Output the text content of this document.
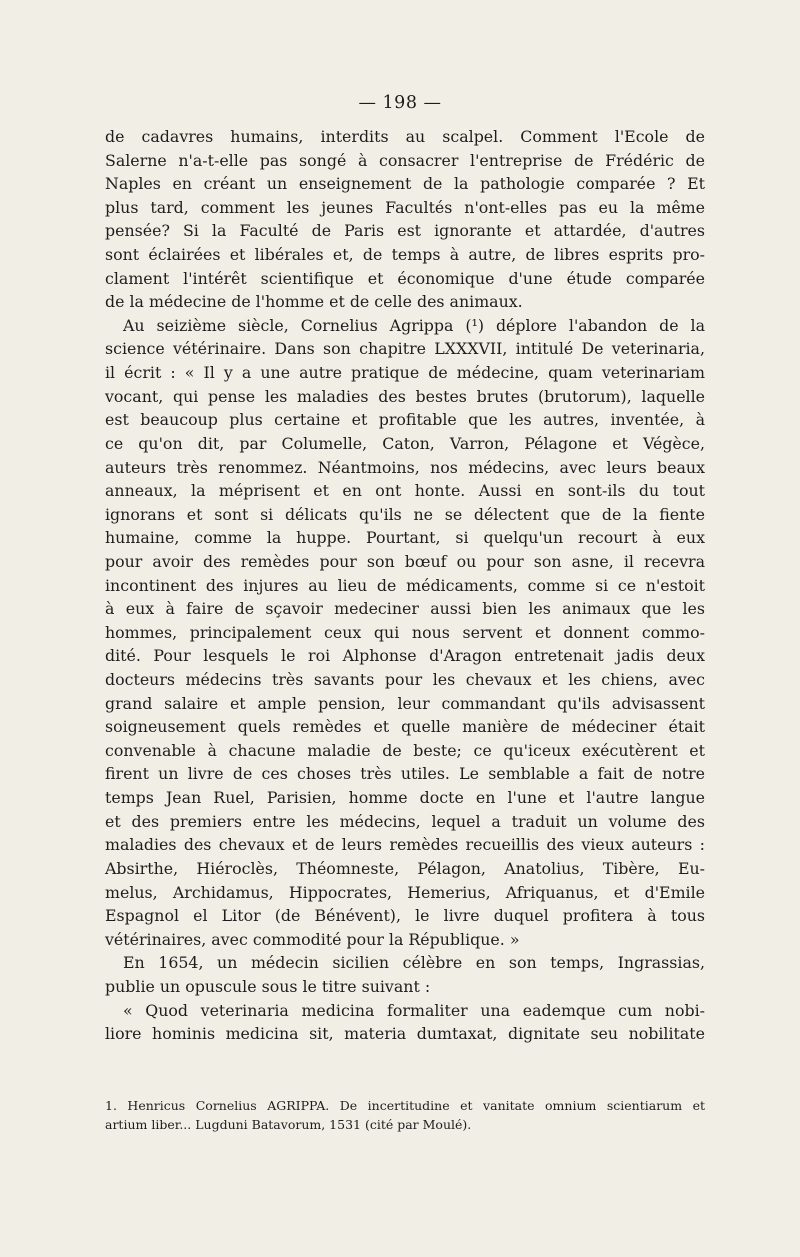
— 198 —
de cadavres humains, interdits au scalpel. Comment l'Ecole de
Salerne n'a-t-elle pas songé à consacrer l'entreprise de Frédéric de
Naples en créant un enseignement de la pathologie comparée ? Et
plus tard, comment les jeunes Facultés n'ont-elles pas eu la même
pensée? Si la Faculté de Paris est ignorante et attardée, d'autres
sont éclairées et libérales et, de temps à autre, de libres esprits pro-
clament l'intérêt scientifique et économique d'une étude comparée
de la médecine de l'homme et de celle des animaux.
Au seizième siècle, Cornelius Agrippa (¹) déplore l'abandon de la
science vétérinaire. Dans son chapitre LXXXVII, intitulé De veterinaria,
il écrit : « Il y a une autre pratique de médecine, quam veterinariam
vocant, qui pense les maladies des bestes brutes (brutorum), laquelle
est beaucoup plus certaine et profitable que les autres, inventée, à
ce qu'on dit, par Columelle, Caton, Varron, Pélagone et Végèce,
auteurs très renommez. Néantmoins, nos médecins, avec leurs beaux
anneaux, la méprisent et en ont honte. Aussi en sont-ils du tout
ignorans et sont si délicats qu'ils ne se délectent que de la fiente
humaine, comme la huppe. Pourtant, si quelqu'un recourt à eux
pour avoir des remèdes pour son bœuf ou pour son asne, il recevra
incontinent des injures au lieu de médicaments, comme si ce n'estoit
à eux à faire de sçavoir medeciner aussi bien les animaux que les
hommes, principalement ceux qui nous servent et donnent commo-
dité. Pour lesquels le roi Alphonse d'Aragon entretenait jadis deux
docteurs médecins très savants pour les chevaux et les chiens, avec
grand salaire et ample pension, leur commandant qu'ils advisassent
soigneusement quels remèdes et quelle manière de médeciner était
convenable à chacune maladie de beste; ce qu'iceux exécutèrent et
firent un livre de ces choses très utiles. Le semblable a fait de notre
temps Jean Ruel, Parisien, homme docte en l'une et l'autre langue
et des premiers entre les médecins, lequel a traduit un volume des
maladies des chevaux et de leurs remèdes recueillis des vieux auteurs :
Absirthe, Hiéroclès, Théomneste, Pélagon, Anatolius, Tibère, Eu-
melus, Archidamus, Hippocrates, Hemerius, Afriquanus, et d'Emile
Espagnol el Litor (de Bénévent), le livre duquel profitera à tous
vétérinaires, avec commodité pour la République. »
En 1654, un médecin sicilien célèbre en son temps, Ingrassias,
publie un opuscule sous le titre suivant :
« Quod veterinaria medicina formaliter una eademque cum nobi-
liore hominis medicina sit, materia dumtaxat, dignitate seu nobilitate
1. Henricus Cornelius AGRIPPA. De incertitudine et vanitate omnium scientiarum et
artium liber... Lugduni Batavorum, 1531 (cité par Moulé).
